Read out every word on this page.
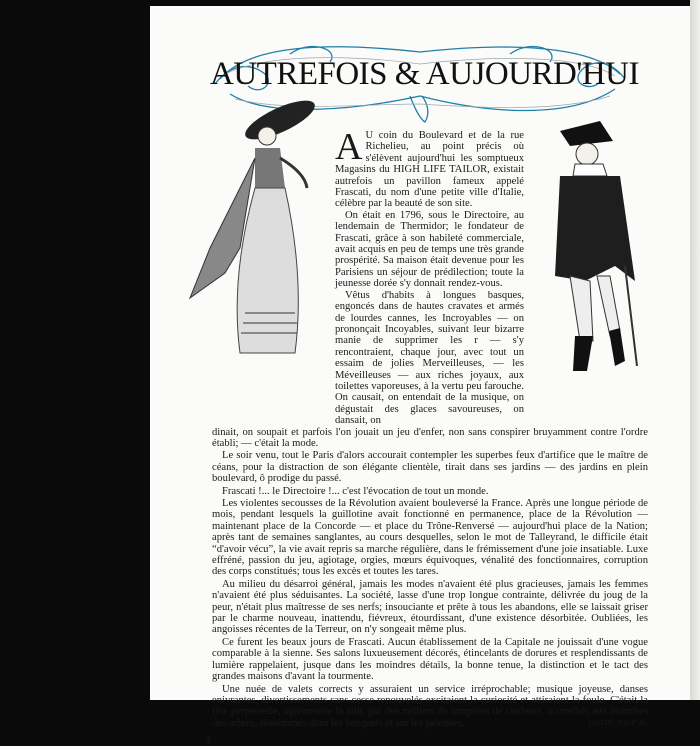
AUTREFOIS & AUJOURD'HUI

A U coin du Boulevard et de la rue Richelieu, au point précis où s'élèvent aujourd'hui les somptueux Magasins du HIGH LIFE TAILOR, existait autrefois un pavillon fameux appelé Frascati, du nom d'une petite ville d'Italie, célèbre par la beauté de son site.

On était en 1796, sous le Directoire, au lendemain de Thermidor; le fondateur de Frascati, grâce à son habileté commerciale, avait acquis en peu de temps une très grande prospérité. Sa maison était devenue pour les Parisiens un séjour de prédilection; toute la jeunesse dorée s'y donnait rendez-vous.

Vêtus d'habits à longues basques, engoncés dans de hautes cravates et armés de lourdes cannes, les Incroyables — on prononçait Incoyables, suivant leur bizarre manie de supprimer les r — s'y rencontraient, chaque jour, avec tout un essaim de jolies Merveilleuses, — les Méveilleuses — aux riches joyaux, aux toilettes vaporeuses, à la vertu peu farouche. On causait, on entendait de la musique, on dégustait des glaces savoureuses, on dansait, on

dinait, on soupait et parfois l'on jouait un jeu d'enfer, non sans conspirer bruyamment contre l'ordre établi; — c'était la mode.

Le soir venu, tout le Paris d'alors accourait contempler les superbes feux d'artifice que le maître de céans, pour la distraction de son élégante clientèle, tirait dans ses jardins — des jardins en plein boulevard, ô prodige du passé.

Frascati !... le Directoire !... c'est l'évocation de tout un monde.

Les violentes secousses de la Révolution avaient bouleversé la France. Après une longue période de mois, pendant lesquels la guillotine avait fonctionné en permanence, place de la Révolution — maintenant place de la Concorde — et place du Trône-Renversé — aujourd'hui place de la Nation; après tant de semaines sanglantes, au cours desquelles, selon le mot de Talleyrand, le difficile était “d'avoir vécu”, la vie avait repris sa marche régulière, dans le frémissement d'une joie insatiable. Luxe effréné, passion du jeu, agiotage, orgies, mœurs équivoques, vénalité des fonctionnaires, corruption des corps constitués; tous les excès et toutes les tares.

Au milieu du désarroi général, jamais les modes n'avaient été plus gracieuses, jamais les femmes n'avaient été plus séduisantes. La société, lasse d'une trop longue contrainte, délivrée du joug de la peur, n'était plus maîtresse de ses nerfs; insouciante et prête à tous les abandons, elle se laissait griser par le charme nouveau, inattendu, fiévreux, étourdissant, d'une existence désorbitée. Oubliées, les angoisses récentes de la Terreur, on n'y songeait même plus.

Ce furent les beaux jours de Frascati. Aucun établissement de la Capitale ne jouissait d'une vogue comparable à la sienne. Ses salons luxueusement décorés, étincelants de dorures et resplendissants de lumière rappelaient, jusque dans les moindres détails, la bonne tenue, la distinction et le tact des grandes maisons d'avant la tourmente.

Une nuée de valets corrects y assuraient un service irréprochable; musique joyeuse, danses enivrantes, divertissements sans cesse renouvelés excitaient la curiosité et attiraient la foule. C'était la fête perpétuelle, agrémentée la nuit, par des milliers de lampions de couleurs, accrochés aux branches des arbres, disséminés dans les bosquets et sur les pelouses.	(SUITE, PAGE 4).

2
